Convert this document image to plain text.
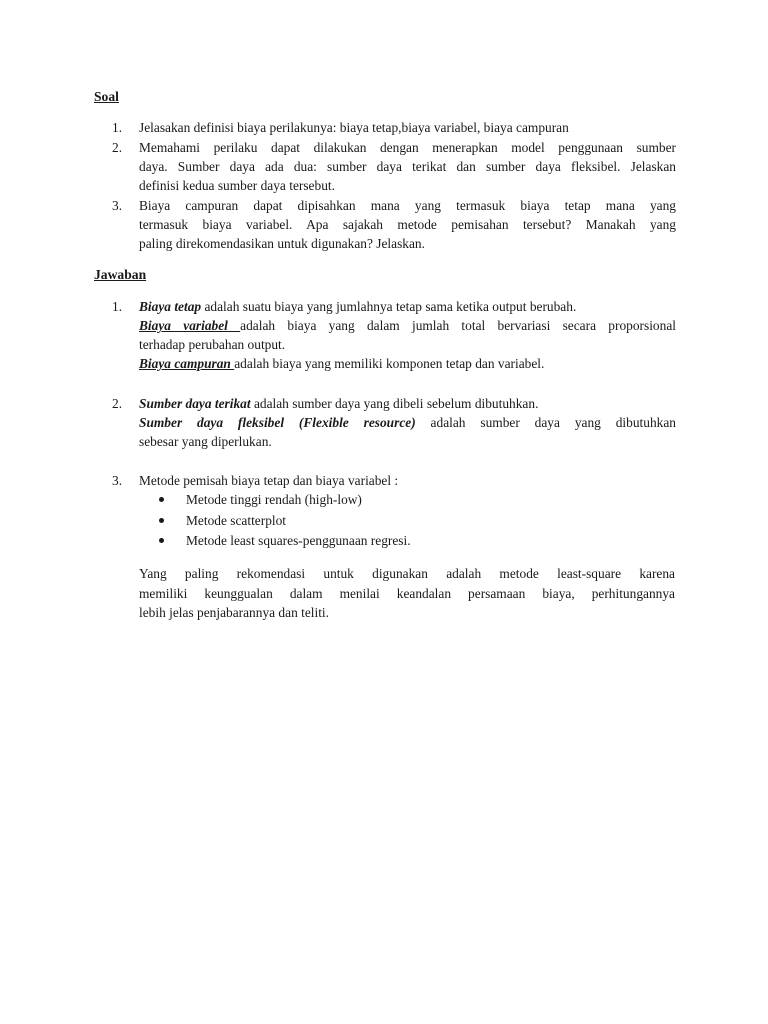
Soal
1.	Jelasakan definisi biaya perilakunya: biaya tetap,biaya variabel, biaya campuran
2.	Memahami perilaku dapat dilakukan dengan menerapkan model penggunaan sumber
daya. Sumber daya ada dua: sumber daya terikat dan sumber daya fleksibel. Jelaskan
definisi kedua sumber daya tersebut.
3.	Biaya campuran dapat dipisahkan mana yang termasuk biaya tetap mana yang
termasuk biaya variabel. Apa sajakah metode pemisahan tersebut? Manakah yang
paling direkomendasikan untuk digunakan? Jelaskan.
Jawaban
1.	Biaya tetap adalah suatu biaya yang jumlahnya tetap sama ketika output berubah.
Biaya variabel adalah biaya yang dalam jumlah total bervariasi secara proporsional
terhadap perubahan output.
Biaya campuran adalah biaya yang memiliki komponen tetap dan variabel.
2.	Sumber daya terikat adalah sumber daya yang dibeli sebelum dibutuhkan.
Sumber daya fleksibel (Flexible resource) adalah sumber daya yang dibutuhkan
sebesar yang diperlukan.
3.	Metode pemisah biaya tetap dan biaya variabel :
Metode tinggi rendah (high-low)
Metode scatterplot
Metode least squares-penggunaan regresi.
Yang paling rekomendasi untuk digunakan adalah metode least-square karena
memiliki keunggualan dalam menilai keandalan persamaan biaya, perhitungannya
lebih jelas penjabarannya dan teliti.
